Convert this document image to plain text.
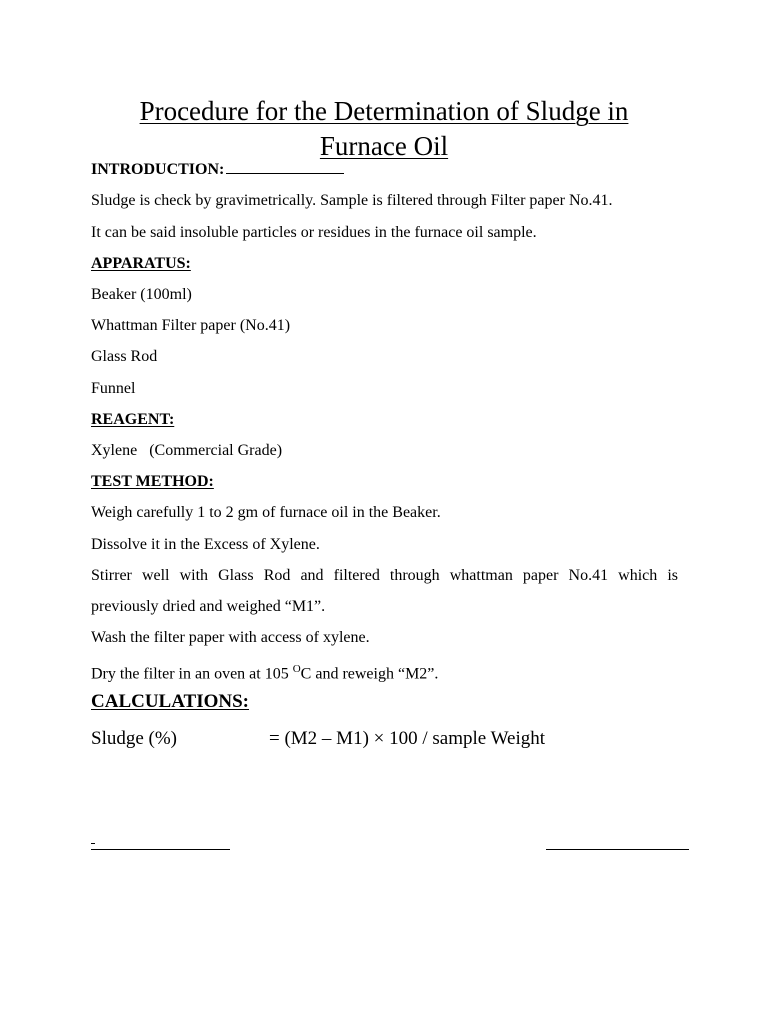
Procedure for the Determination of Sludge in
Furnace Oil
INTRODUCTION:
Sludge is check by gravimetrically. Sample is filtered through Filter paper No.41.
It can be said insoluble particles or residues in the furnace oil sample.
APPARATUS:
Beaker (100ml)
Whattman Filter paper (No.41)
Glass Rod
Funnel
REAGENT:
Xylene   (Commercial Grade)
TEST METHOD:
Weigh carefully 1 to 2 gm of furnace oil in the Beaker.
Dissolve it in the Excess of Xylene.
Stirrer well with Glass Rod and filtered through whattman paper No.41 which is
previously dried and weighed “M1”.
Wash the filter paper with access of xylene.
Dry the filter in an oven at 105 $^O$C and reweigh “M2”.
CALCULATIONS:
Sludge (%)	= (M2 – M1) × 100 / sample Weight
